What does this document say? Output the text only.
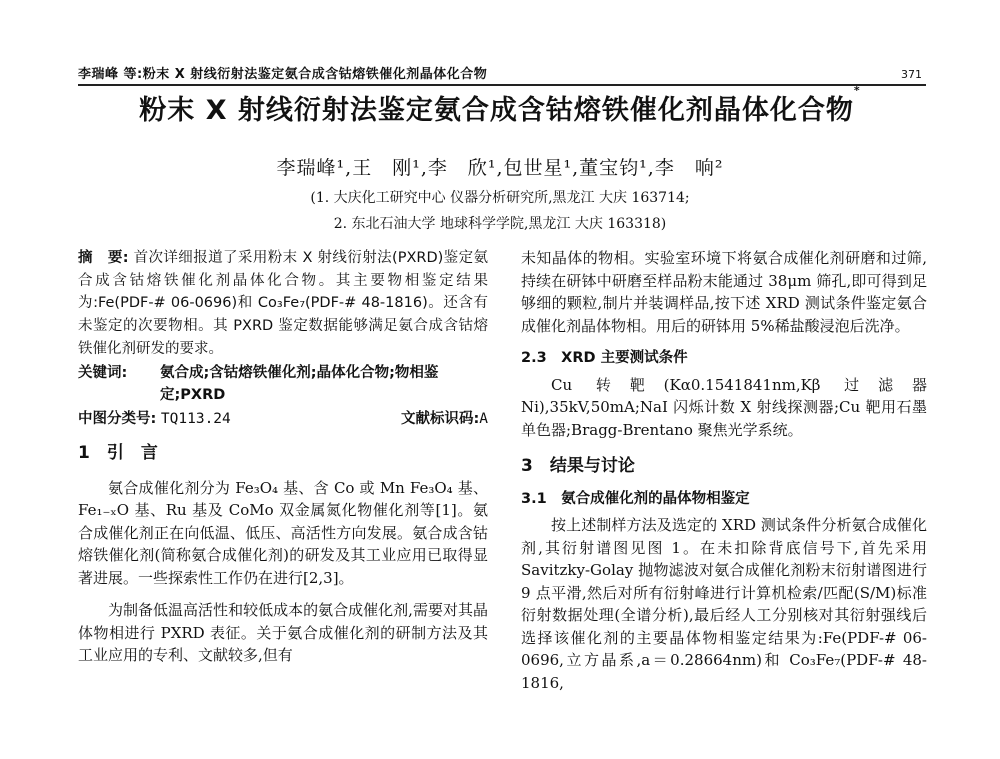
李瑞峰 等:粉末 X 射线衍射法鉴定氨合成含钴熔铁催化剂晶体化合物	371
粉末 X 射线衍射法鉴定氨合成含钴熔铁催化剂晶体化合物*
李瑞峰¹,王　刚¹,李　欣¹,包世星¹,董宝钧¹,李　响²
(1. 大庆化工研究中心 仪器分析研究所,黑龙江 大庆 163714;
2. 东北石油大学 地球科学学院,黑龙江 大庆 163318)

摘　要: 首次详细报道了采用粉末 X 射线衍射法(PXRD)鉴定氨合成含钴熔铁催化剂晶体化合物。其主要物相鉴定结果为:Fe(PDF-# 06-0696)和 Co₃Fe₇(PDF-# 48-1816)。还含有未鉴定的次要物相。其 PXRD 鉴定数据能够满足氨合成含钴熔铁催化剂研发的要求。

关键词:	氨合成;含钴熔铁催化剂;晶体化合物;物相鉴定;PXRD
中图分类号: TQ113.24	文献标识码:A
1　引　言

氨合成催化剂分为 Fe₃O₄ 基、含 Co 或 Mn Fe₃O₄ 基、Fe₁₋ₓO 基、Ru 基及 CoMo 双金属氮化物催化剂等[1]。氨合成催化剂正在向低温、低压、高活性方向发展。氨合成含钴熔铁催化剂(简称氨合成催化剂)的研发及其工业应用已取得显著进展。一些探索性工作仍在进行[2,3]。

为制备低温高活性和较低成本的氨合成催化剂,需要对其晶体物相进行 PXRD 表征。关于氨合成催化剂的研制方法及其工业应用的专利、文献较多,但有

未知晶体的物相。实验室环境下将氨合成催化剂研磨和过筛,持续在研钵中研磨至样品粉末能通过 38μm 筛孔,即可得到足够细的颗粒,制片并装调样品,按下述 XRD 测试条件鉴定氨合成催化剂晶体物相。用后的研钵用 5%稀盐酸浸泡后洗净。

2.3　XRD 主要测试条件

Cu 转靶(Kα0.1541841nm,Kβ 过滤器 Ni),35kV,50mA;NaI 闪烁计数 X 射线探测器;Cu 靶用石墨单色器;Bragg-Brentano 聚焦光学系统。

3　结果与讨论
3.1　氨合成催化剂的晶体物相鉴定

按上述制样方法及选定的 XRD 测试条件分析氨合成催化剂,其衍射谱图见图 1。在未扣除背底信号下,首先采用 Savitzky-Golay 抛物滤波对氨合成催化剂粉末衍射谱图进行 9 点平滑,然后对所有衍射峰进行计算机检索/匹配(S/M)标准衍射数据处理(全谱分析),最后经人工分别核对其衍射强线后选择该催化剂的主要晶体物相鉴定结果为:Fe(PDF-# 06-0696,立方晶系,a＝0.28664nm)和 Co₃Fe₇(PDF-# 48-1816,
